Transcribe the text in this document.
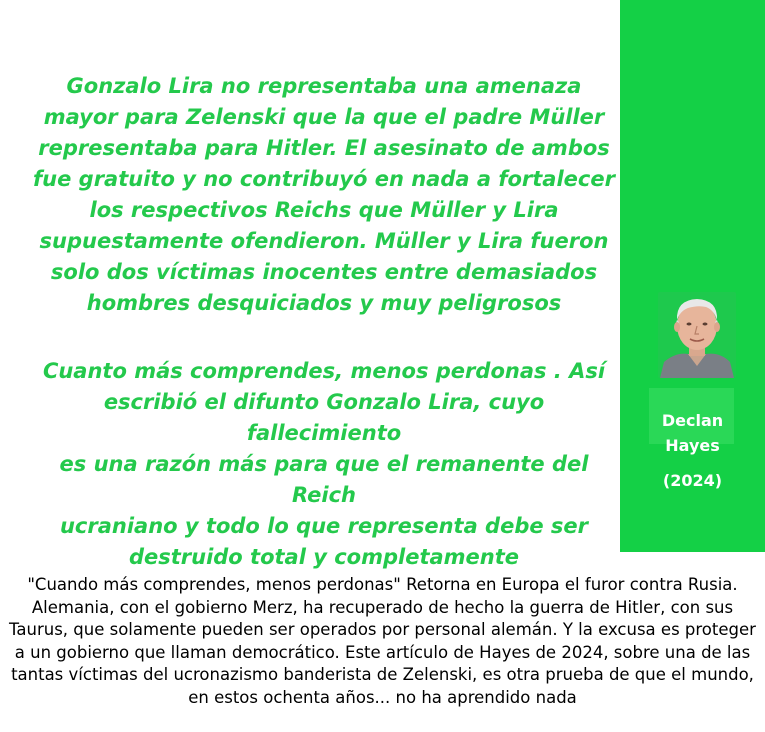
Gonzalo Lira no representaba una amenaza
mayor para Zelenski que la que el padre Müller
representaba para Hitler. El asesinato de ambos
fue gratuito y no contribuyó en nada a fortalecer
los respectivos Reichs que Müller y Lira
supuestamente ofendieron. Müller y Lira fueron
solo dos víctimas inocentes entre demasiados
hombres desquiciados y muy peligrosos

Cuanto más comprendes, menos perdonas . Así
escribió el difunto Gonzalo Lira, cuyo fallecimiento
es una razón más para que el remanente del Reich
ucraniano y todo lo que representa debe ser
destruido total y completamente

Declan
Hayes
(2024)

"Cuando más comprendes, menos perdonas" Retorna en Europa el furor contra Rusia. Alemania, con el gobierno Merz, ha recuperado de hecho la guerra de Hitler, con sus Taurus, que solamente pueden ser operados por personal alemán. Y la excusa es proteger a un gobierno que llaman democrático. Este artículo de Hayes de 2024, sobre una de las tantas víctimas del ucronazismo banderista de Zelenski, es otra prueba de que el mundo, en estos ochenta años... no ha aprendido nada
